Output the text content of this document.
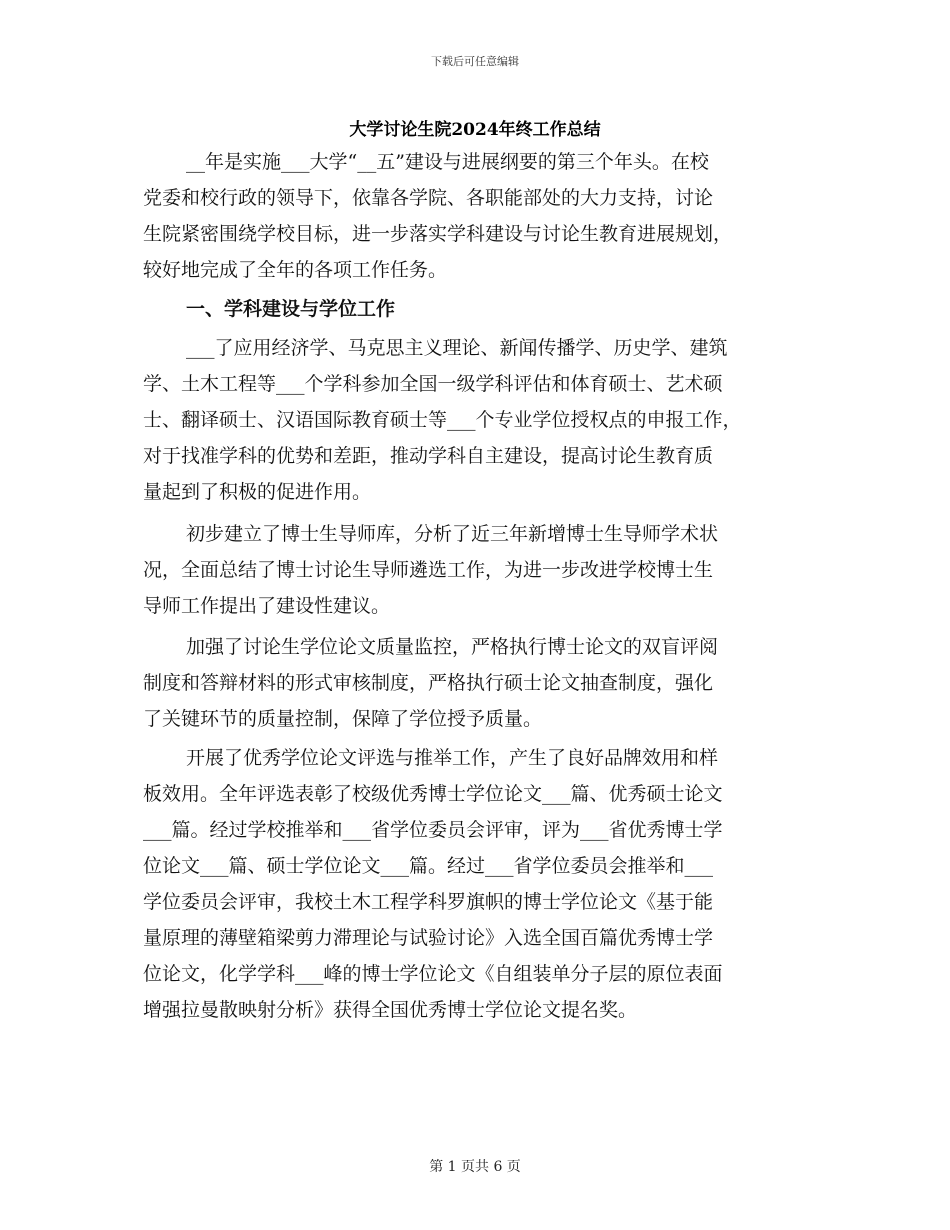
下载后可任意编辑
大学讨论生院2024年终工作总结
__年是实施___大学“__五”建设与进展纲要的第三个年头。在校
党委和校行政的领导下，依靠各学院、各职能部处的大力支持，讨论
生院紧密围绕学校目标，进一步落实学科建设与讨论生教育进展规划，
较好地完成了全年的各项工作任务。
一、学科建设与学位工作
___了应用经济学、马克思主义理论、新闻传播学、历史学、建筑
学、土木工程等___个学科参加全国一级学科评估和体育硕士、艺术硕
士、翻译硕士、汉语国际教育硕士等___个专业学位授权点的申报工作，
对于找准学科的优势和差距，推动学科自主建设，提高讨论生教育质
量起到了积极的促进作用。
初步建立了博士生导师库，分析了近三年新增博士生导师学术状
况，全面总结了博士讨论生导师遴选工作，为进一步改进学校博士生
导师工作提出了建设性建议。
加强了讨论生学位论文质量监控，严格执行博士论文的双盲评阅
制度和答辩材料的形式审核制度，严格执行硕士论文抽查制度，强化
了关键环节的质量控制，保障了学位授予质量。
开展了优秀学位论文评选与推举工作，产生了良好品牌效用和样
板效用。全年评选表彰了校级优秀博士学位论文___篇、优秀硕士论文
___篇。经过学校推举和___省学位委员会评审，评为___省优秀博士学
位论文___篇、硕士学位论文___篇。经过___省学位委员会推举和___
学位委员会评审，我校土木工程学科罗旗帜的博士学位论文《基于能
量原理的薄壁箱梁剪力滞理论与试验讨论》入选全国百篇优秀博士学
位论文，化学学科___峰的博士学位论文《自组装单分子层的原位表面
增强拉曼散映射分析》获得全国优秀博士学位论文提名奖。
第 1 页共 6 页
